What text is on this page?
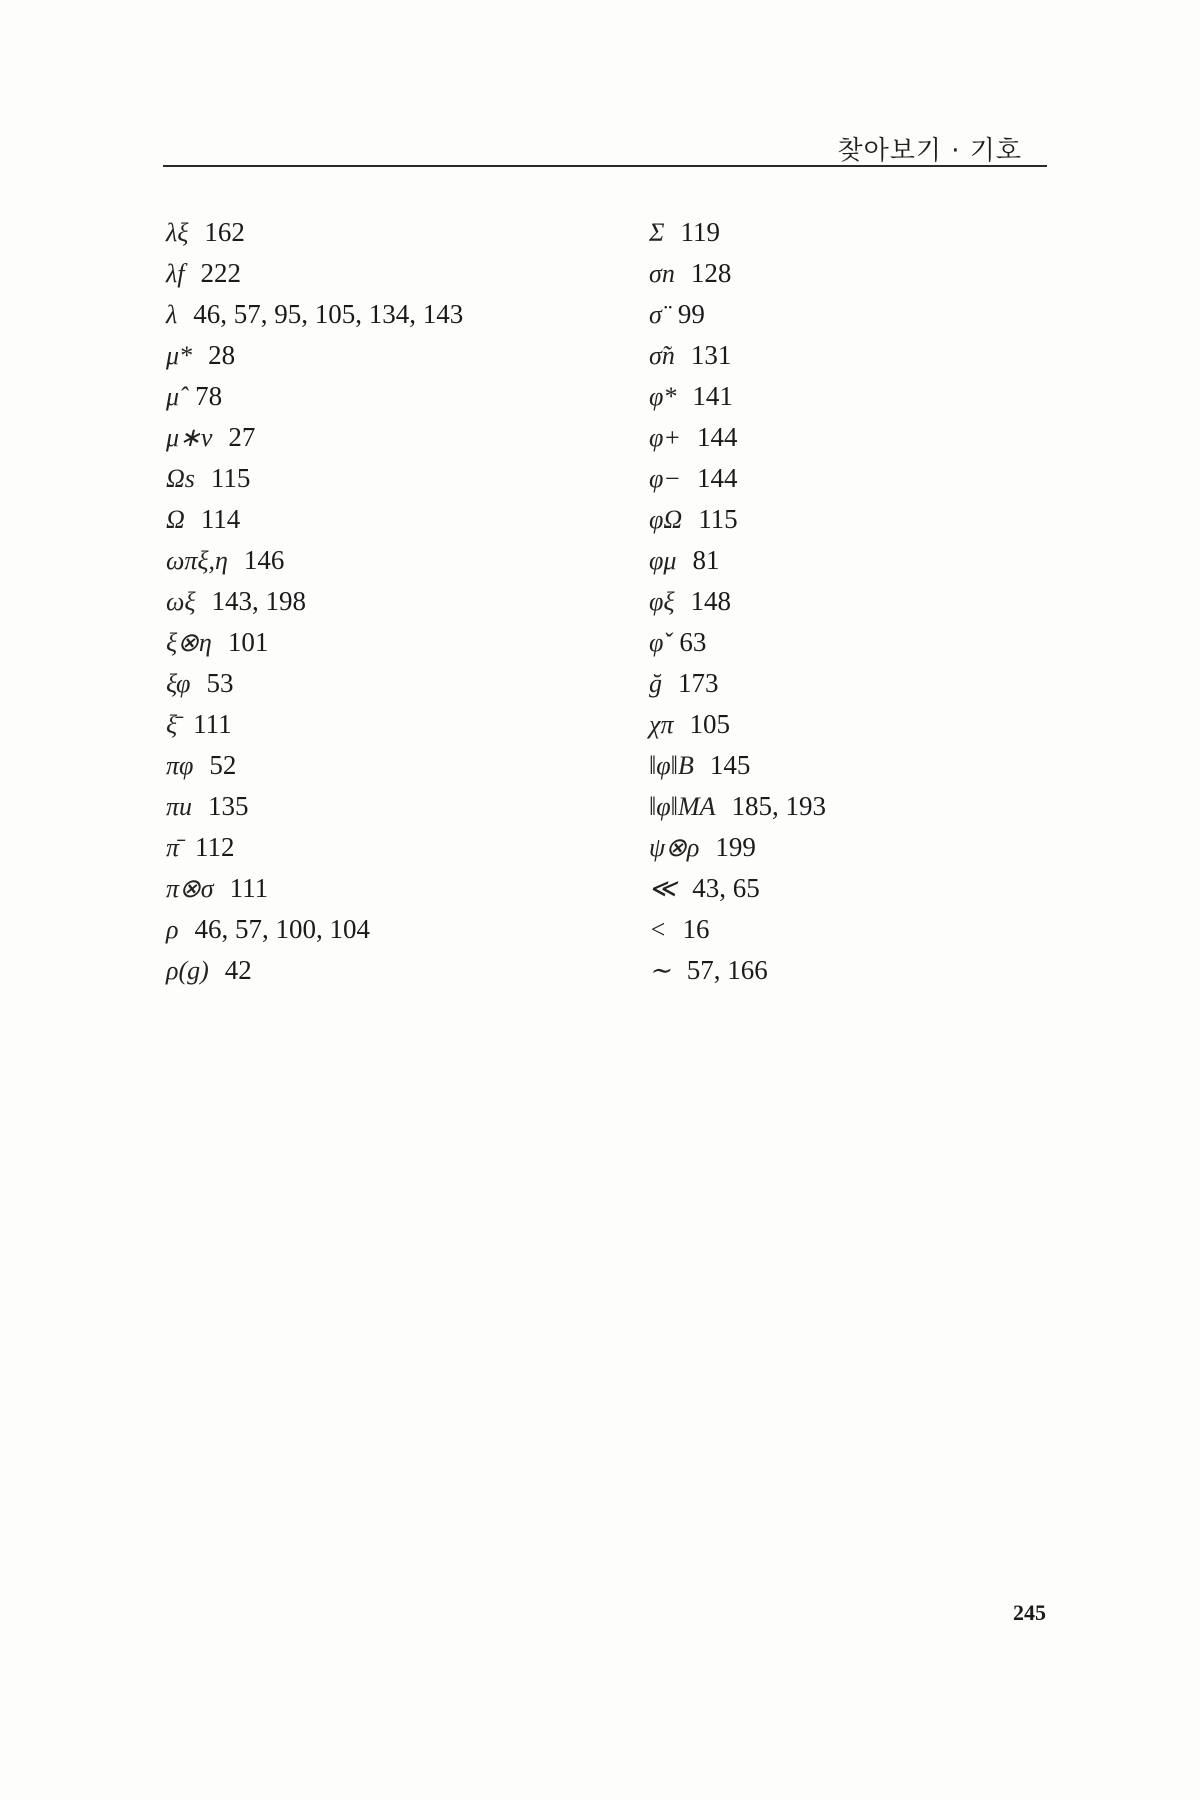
찾아보기 · 기호
λξ 162
λf 222
λ 46, 57, 95, 105, 134, 143
μ* 28
μ̂ 78
μ∗ν 27
Ωs 115
Ω 114
ωπξ,η 146
ωξ 143, 198
ξ⊗η 101
ξφ 53
ξ̄ 111
πφ 52
πu 135
π̄ 112
π⊗σ 111
ρ 46, 57, 100, 104
ρ(g) 42
Σ 119
σn 128
σ̈ 99
σ̃n 131
φ* 141
φ+ 144
φ− 144
φΩ 115
φμ 81
φξ 148
φ̌ 63
ğ 173
χπ 105
‖φ‖B 145
‖φ‖MA 185, 193
ψ⊗ρ 199
≪ 43, 65
< 16
∼ 57, 166
245
